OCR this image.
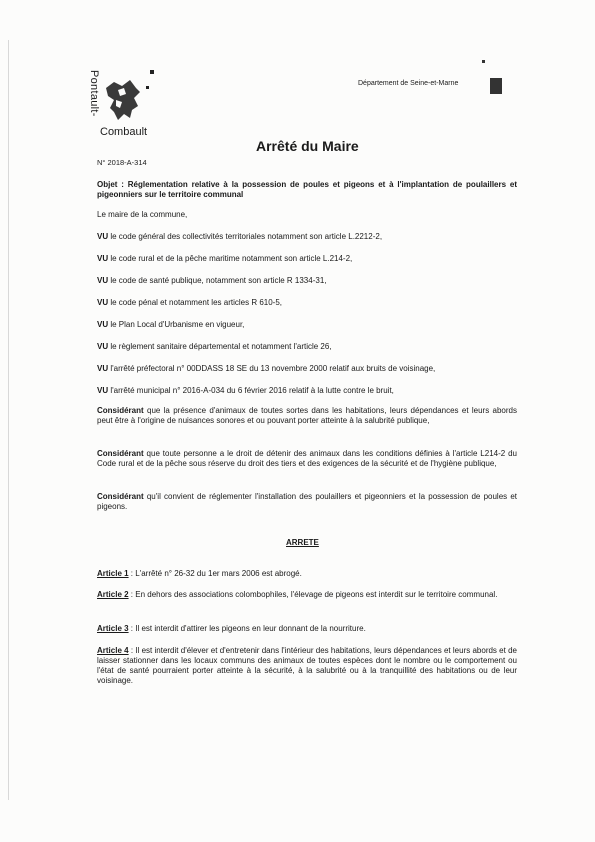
Pontault-
Combault
Département de Seine-et-Marne
Arrêté du Maire
N° 2018-A-314
Objet : Réglementation relative à la possession de poules et pigeons et à l'implantation de poulaillers et pigeonniers sur le territoire communal
Le maire de la commune,
VU le code général des collectivités territoriales notamment son article L.2212-2,
VU le code rural et de la pêche maritime notamment son article L.214-2,
VU le code de santé publique, notamment son article R 1334-31,
VU le code pénal et notamment les articles R 610-5,
VU le Plan Local d'Urbanisme en vigueur,
VU le règlement sanitaire départemental et notamment l'article 26,
VU l'arrêté préfectoral n° 00DDASS 18 SE du 13 novembre 2000 relatif aux bruits de voisinage,
VU l'arrêté municipal n° 2016-A-034 du 6 février 2016 relatif à la lutte contre le bruit,
Considérant que la présence d'animaux de toutes sortes dans les habitations, leurs dépendances et leurs abords peut être à l'origine de nuisances sonores et ou pouvant porter atteinte à la salubrité publique,
Considérant que toute personne a le droit de détenir des animaux dans les conditions définies à l'article L214-2 du Code rural et de la pêche sous réserve du droit des tiers et des exigences de la sécurité et de l'hygiène publique,
Considérant qu'il convient de réglementer l'installation des poulaillers et pigeonniers et la possession de poules et pigeons.
ARRETE
Article 1 : L'arrêté n° 26-32 du 1er mars 2006 est abrogé.
Article 2 : En dehors des associations colombophiles, l'élevage de pigeons est interdit sur le territoire communal.
Article 3 : Il est interdit d'attirer les pigeons en leur donnant de la nourriture.
Article 4 : Il est interdit d'élever et d'entretenir dans l'intérieur des habitations, leurs dépendances et leurs abords et de laisser stationner dans les locaux communs des animaux de toutes espèces dont le nombre ou le comportement ou l'état de santé pourraient porter atteinte à la sécurité, à la salubrité ou à la tranquillité des habitations ou de leur voisinage.
